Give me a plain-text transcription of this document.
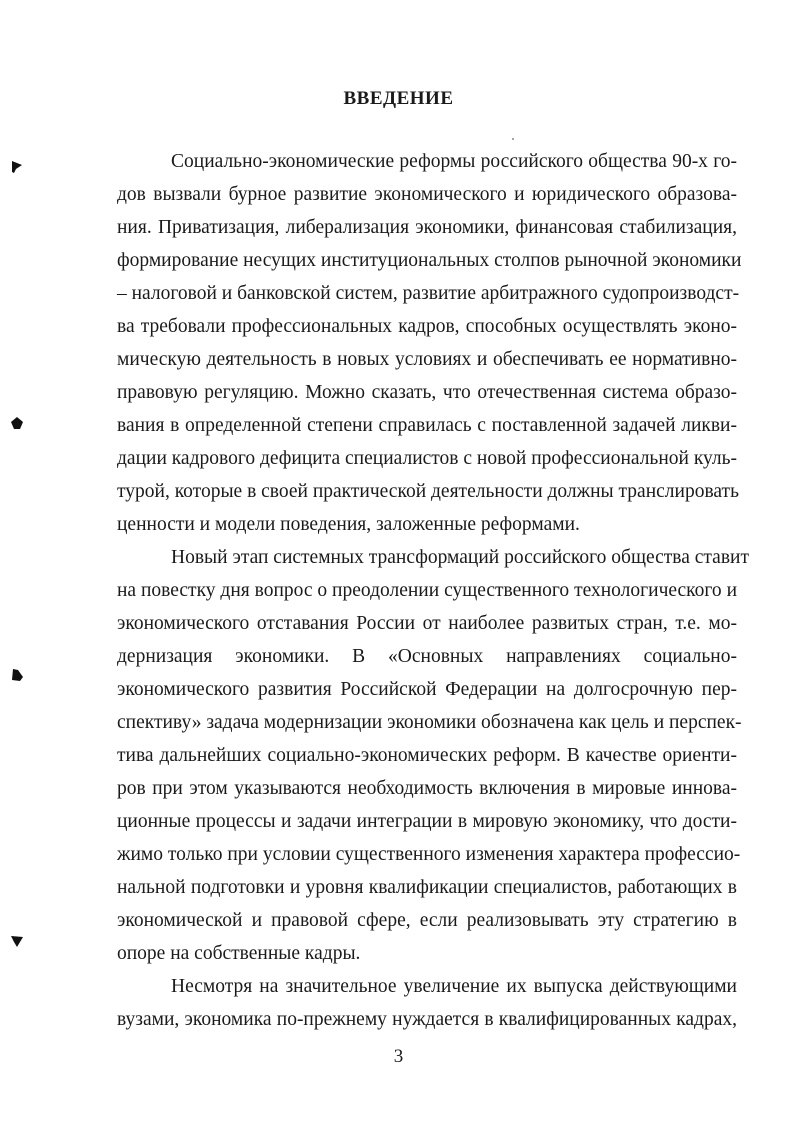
ВВЕДЕНИЕ
Социально-экономические реформы российского общества 90-х го-
дов вызвали бурное развитие экономического и юридического образова-
ния. Приватизация, либерализация экономики, финансовая стабилизация,
формирование несущих институциональных столпов рыночной экономики
– налоговой и банковской систем, развитие арбитражного судопроизводст-
ва требовали профессиональных кадров, способных осуществлять эконо-
мическую деятельность в новых условиях и обеспечивать ее нормативно-
правовую регуляцию. Можно сказать, что отечественная система образо-
вания в определенной степени справилась с поставленной задачей ликви-
дации кадрового дефицита специалистов с новой профессиональной куль-
турой, которые в своей практической деятельности должны транслировать
ценности и модели поведения, заложенные реформами.
Новый этап системных трансформаций российского общества ставит
на повестку дня вопрос о преодолении существенного технологического и
экономического отставания России от наиболее развитых стран, т.е. мо-
дернизация экономики. В «Основных направлениях социально-
экономического развития Российской Федерации на долгосрочную пер-
спективу» задача модернизации экономики обозначена как цель и перспек-
тива дальнейших социально-экономических реформ. В качестве ориенти-
ров при этом указываются необходимость включения в мировые иннова-
ционные процессы и задачи интеграции в мировую экономику, что дости-
жимо только при условии существенного изменения характера профессио-
нальной подготовки и уровня квалификации специалистов, работающих в
экономической и правовой сфере, если реализовывать эту стратегию в
опоре на собственные кадры.
Несмотря на значительное увеличение их выпуска действующими
вузами, экономика по-прежнему нуждается в квалифицированных кадрах,
3
